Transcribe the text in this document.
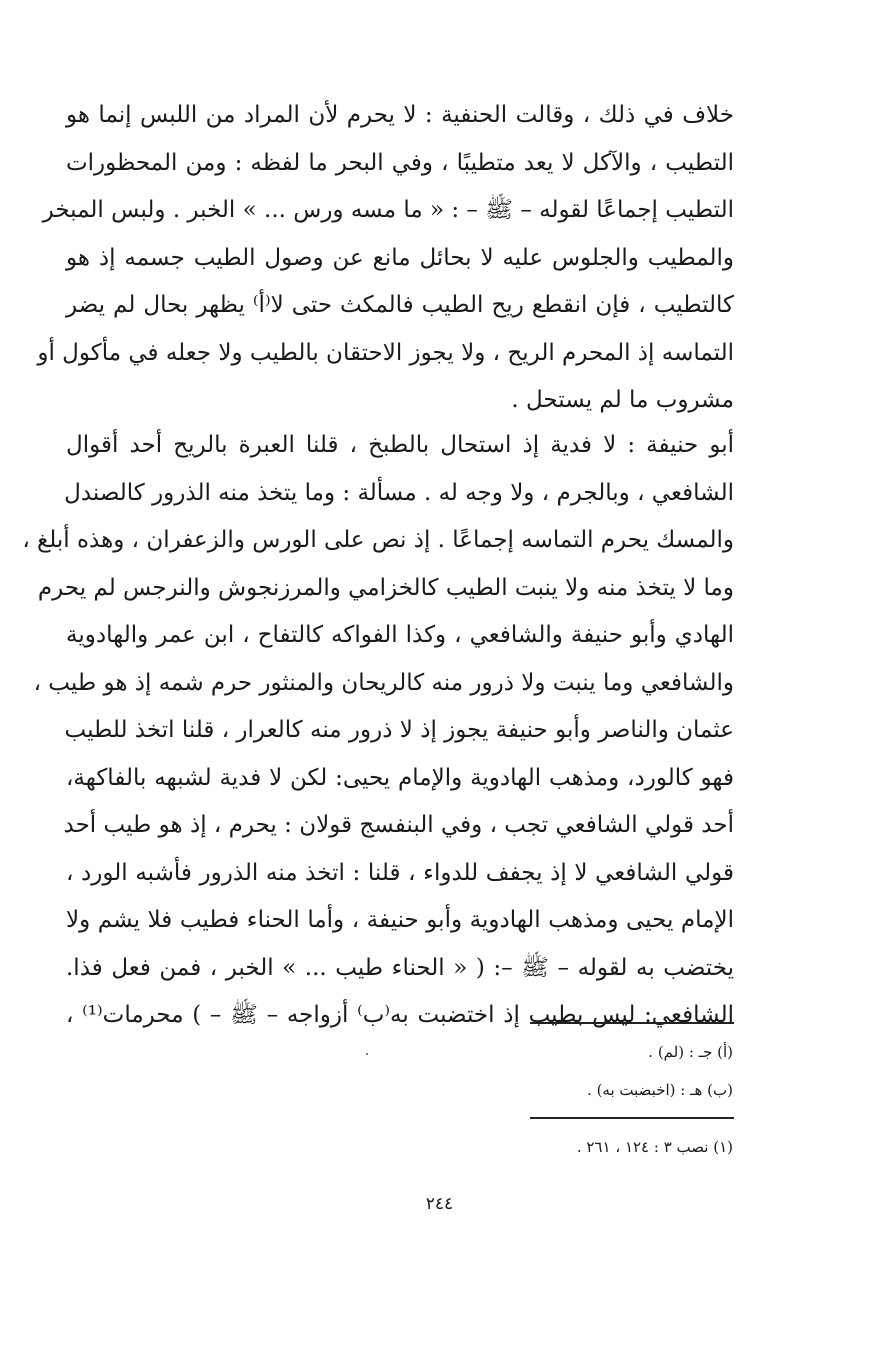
خلاف في ذلك ، وقالت الحنفية : لا يحرم لأن المراد من اللبس إنما هو
التطيب ، والآكل لا يعد متطيبًا ، وفي البحر ما لفظه : ومن المحظورات
التطيب إجماعًا لقوله – ﷺ – : « ما مسه ورس ... » الخبر . ولبس المبخر
والمطيب والجلوس عليه لا بحائل مانع عن وصول الطيب جسمه إذ هو
كالتطيب ، فإن انقطع ريح الطيب فالمكث حتى لا⁽أ⁾ يظهر بحال لم يضر
التماسه إذ المحرم الريح ، ولا يجوز الاحتقان بالطيب ولا جعله في مأكول أو
مشروب ما لم يستحل .
أبو حنيفة : لا فدية إذ استحال بالطبخ ، قلنا العبرة بالريح أحد أقوال
الشافعي ، وبالجرم ، ولا وجه له . مسألة : وما يتخذ منه الذرور كالصندل
والمسك يحرم التماسه إجماعًا . إذ نص على الورس والزعفران ، وهذه أبلغ ،
وما لا يتخذ منه ولا ينبت الطيب كالخزامي والمرزنجوش والنرجس لم يحرم
الهادي وأبو حنيفة والشافعي ، وكذا الفواكه كالتفاح ، ابن عمر والهادوية
والشافعي وما ينبت ولا ذرور منه كالريحان والمنثور حرم شمه إذ هو طيب ،
عثمان والناصر وأبو حنيفة يجوز إذ لا ذرور منه كالعرار ، قلنا اتخذ للطيب
فهو كالورد، ومذهب الهادوية والإمام يحيى: لكن لا فدية لشبهه بالفاكهة،
أحد قولي الشافعي تجب ، وفي البنفسج قولان : يحرم ، إذ هو طيب أحد
قولي الشافعي لا إذ يجفف للدواء ، قلنا : اتخذ منه الذرور فأشبه الورد ،
الإمام يحيى ومذهب الهادوية وأبو حنيفة ، وأما الحناء فطيب فلا يشم ولا
يختضب به لقوله – ﷺ –: ( « الحناء طيب ... » الخبر ، فمن فعل فذا.
الشافعي: ليس بطيب إذ اختضبت به⁽ب⁾ أزواجه – ﷺ – ) محرمات⁽¹⁾ ،
(أ) جـ : (لم) .
(ب) هـ : (اخبضبت به) .
(١) نصب ٣ : ١٢٤ ، ٢٦١ .
٢٤٤
